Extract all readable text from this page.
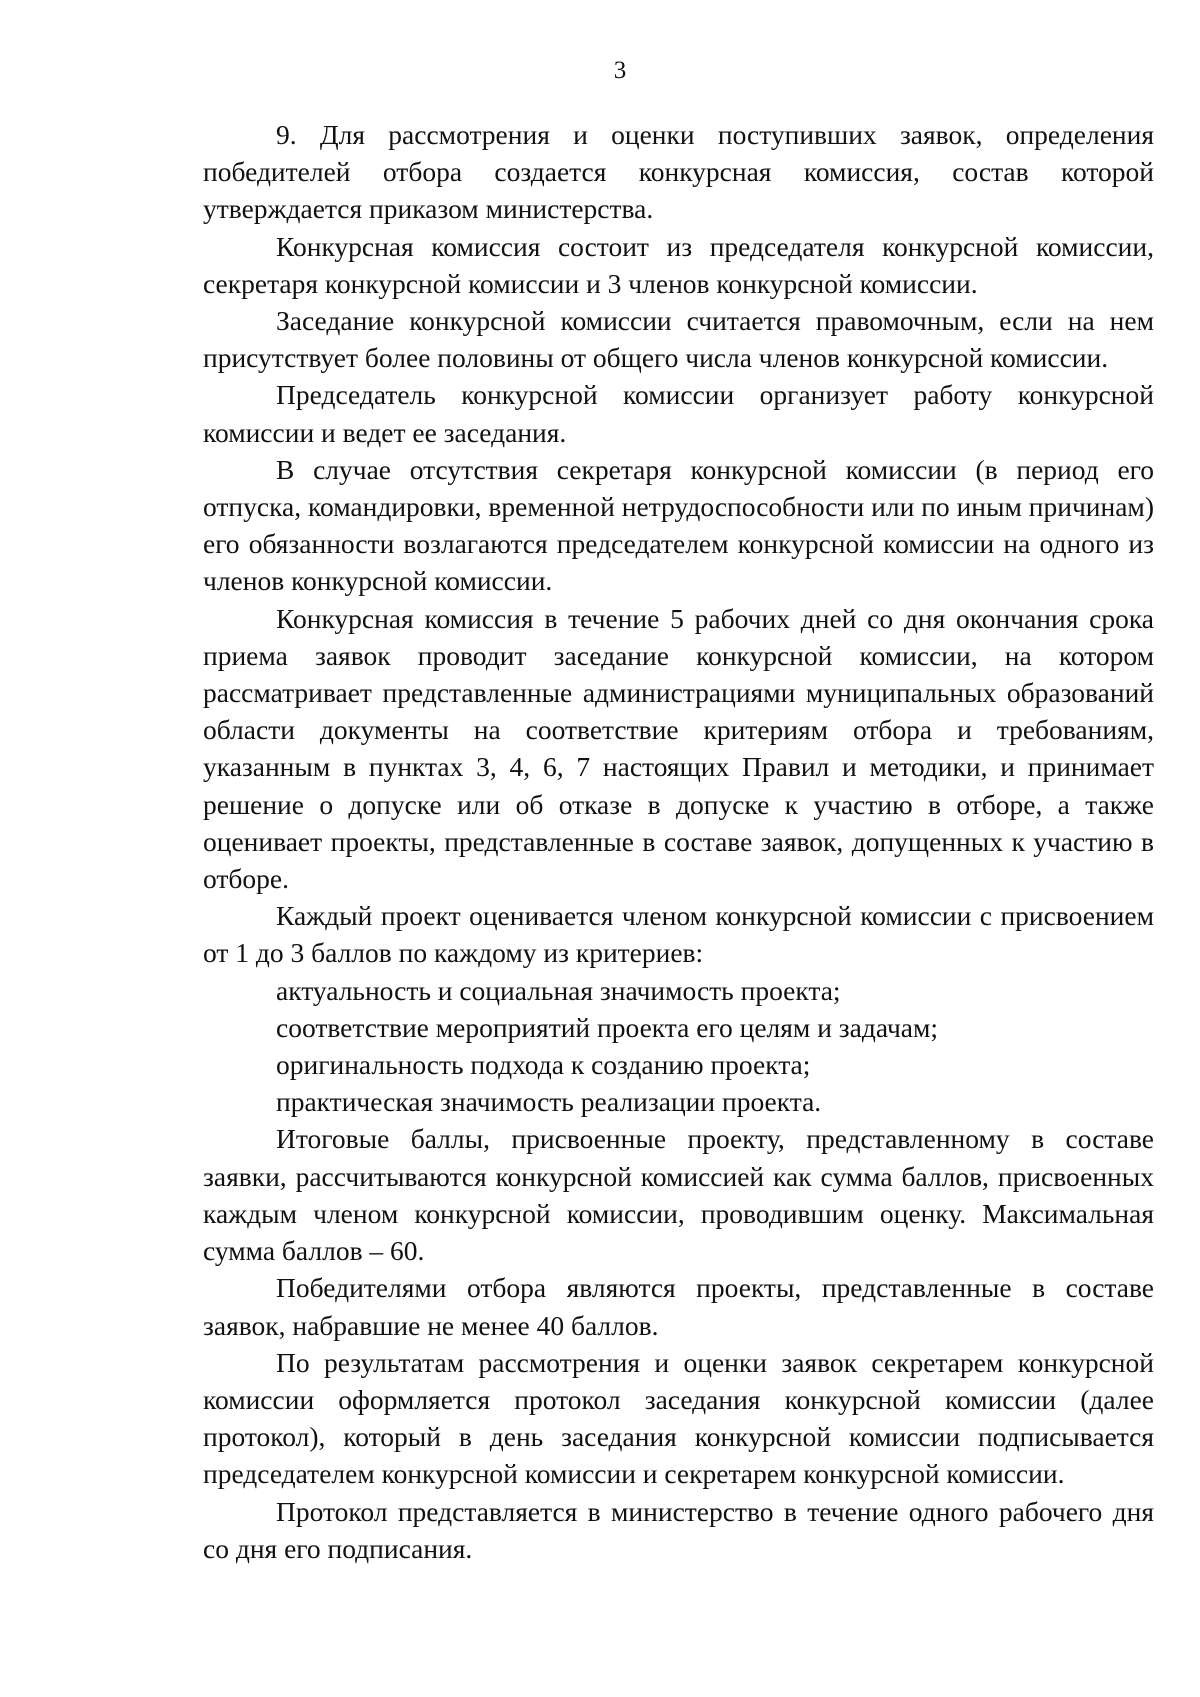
3

9. Для рассмотрения и оценки поступивших заявок, определения победителей отбора создается конкурсная комиссия, состав которой утверждается приказом министерства.

Конкурсная комиссия состоит из председателя конкурсной комиссии, секретаря конкурсной комиссии и 3 членов конкурсной комиссии.

Заседание конкурсной комиссии считается правомочным, если на нем присутствует более половины от общего числа членов конкурсной комиссии.

Председатель конкурсной комиссии организует работу конкурсной комиссии и ведет ее заседания.

В случае отсутствия секретаря конкурсной комиссии (в период его отпуска, командировки, временной нетрудоспособности или по иным причинам) его обязанности возлагаются председателем конкурсной комиссии на одного из членов конкурсной комиссии.

Конкурсная комиссия в течение 5 рабочих дней со дня окончания срока приема заявок проводит заседание конкурсной комиссии, на котором рассматривает представленные администрациями муниципальных образований области документы на соответствие критериям отбора и требованиям, указанным в пунктах 3, 4, 6, 7 настоящих Правил и методики, и принимает решение о допуске или об отказе в допуске к участию в отборе, а также оценивает проекты, представленные в составе заявок, допущенных к участию в отборе.

Каждый проект оценивается членом конкурсной комиссии с присвоением от 1 до 3 баллов по каждому из критериев:

актуальность и социальная значимость проекта;

соответствие мероприятий проекта его целям и задачам;

оригинальность подхода к созданию проекта;

практическая значимость реализации проекта.

Итоговые баллы, присвоенные проекту, представленному в составе заявки, рассчитываются конкурсной комиссией как сумма баллов, присвоенных каждым членом конкурсной комиссии, проводившим оценку. Максимальная сумма баллов – 60.

Победителями отбора являются проекты, представленные в составе заявок, набравшие не менее 40 баллов.

По результатам рассмотрения и оценки заявок секретарем конкурсной комиссии оформляется протокол заседания конкурсной комиссии (далее протокол), который в день заседания конкурсной комиссии подписывается председателем конкурсной комиссии и секретарем конкурсной комиссии.

Протокол представляется в министерство в течение одного рабочего дня со дня его подписания.
